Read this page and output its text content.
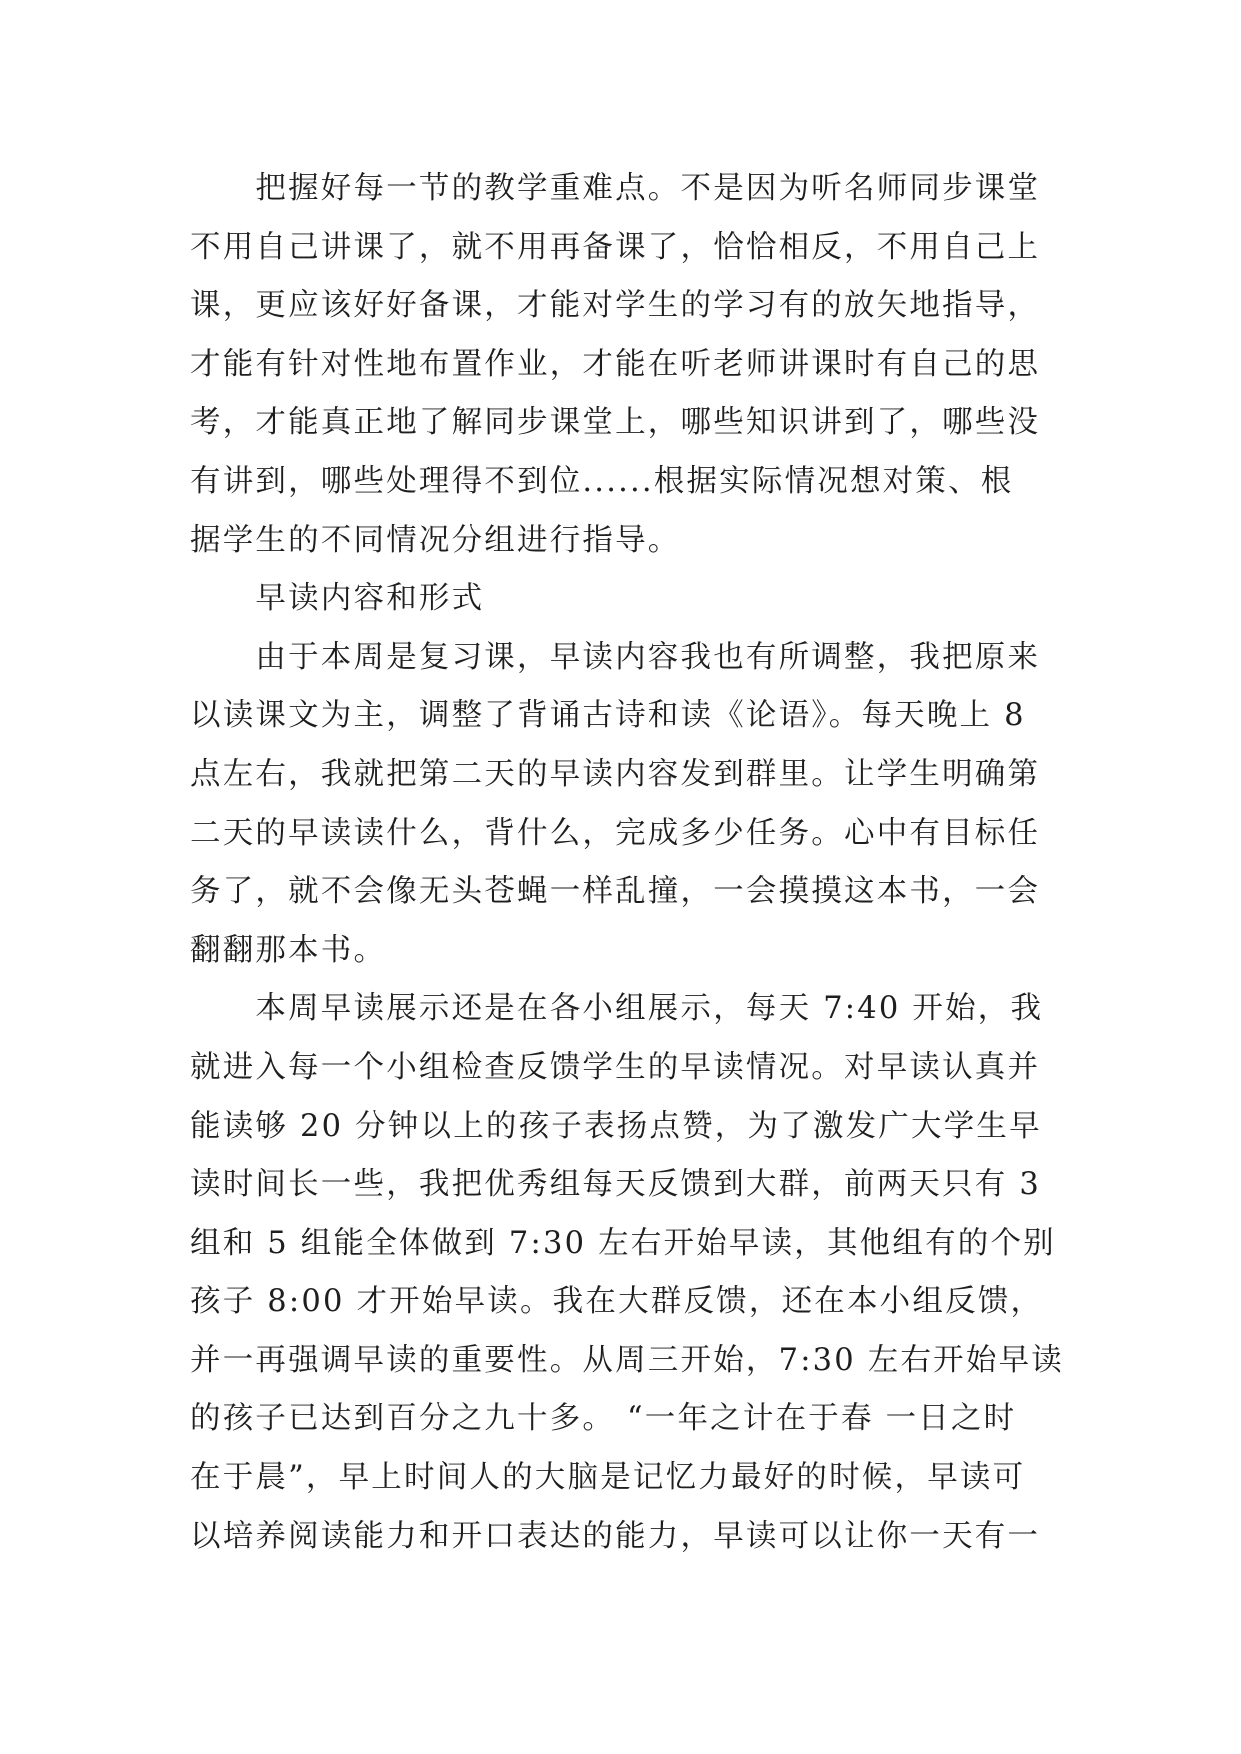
　　把握好每一节的教学重难点。不是因为听名师同步课堂
不用自己讲课了，就不用再备课了，恰恰相反，不用自己上
课，更应该好好备课，才能对学生的学习有的放矢地指导，
才能有针对性地布置作业，才能在听老师讲课时有自己的思
考，才能真正地了解同步课堂上，哪些知识讲到了，哪些没
有讲到，哪些处理得不到位......根据实际情况想对策、根
据学生的不同情况分组进行指导。
　　早读内容和形式
　　由于本周是复习课，早读内容我也有所调整，我把原来
以读课文为主，调整了背诵古诗和读《论语》。每天晚上 8
点左右，我就把第二天的早读内容发到群里。让学生明确第
二天的早读读什么，背什么，完成多少任务。心中有目标任
务了，就不会像无头苍蝇一样乱撞，一会摸摸这本书，一会
翻翻那本书。
　　本周早读展示还是在各小组展示，每天 7:40 开始，我
就进入每一个小组检查反馈学生的早读情况。对早读认真并
能读够 20 分钟以上的孩子表扬点赞，为了激发广大学生早
读时间长一些，我把优秀组每天反馈到大群，前两天只有 3
组和 5 组能全体做到 7:30 左右开始早读，其他组有的个别
孩子 8:00 才开始早读。我在大群反馈，还在本小组反馈，
并一再强调早读的重要性。从周三开始，7:30 左右开始早读
的孩子已达到百分之九十多。 “一年之计在于春 一日之时
在于晨”，早上时间人的大脑是记忆力最好的时候，早读可
以培养阅读能力和开口表达的能力，早读可以让你一天有一
